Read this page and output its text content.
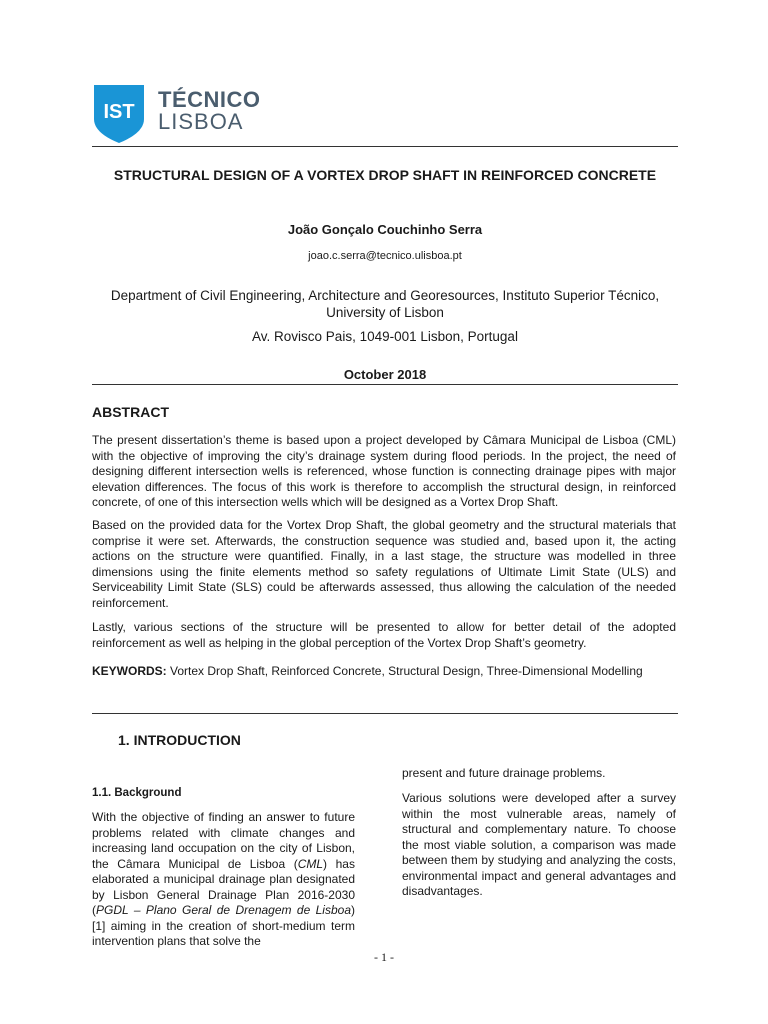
IST TÉCNICO
LISBOA
STRUCTURAL DESIGN OF A VORTEX DROP SHAFT IN REINFORCED CONCRETE
João Gonçalo Couchinho Serra
joao.c.serra@tecnico.ulisboa.pt
Department of Civil Engineering, Architecture and Georesources, Instituto Superior Técnico, University of Lisbon
Av. Rovisco Pais, 1049-001 Lisbon, Portugal
October 2018
ABSTRACT

The present dissertation’s theme is based upon a project developed by Câmara Municipal de Lisboa (CML) with the objective of improving the city’s drainage system during flood periods. In the project, the need of designing different intersection wells is referenced, whose function is connecting drainage pipes with major elevation differences. The focus of this work is therefore to accomplish the structural design, in reinforced concrete, of one of this intersection wells which will be designed as a Vortex Drop Shaft.

Based on the provided data for the Vortex Drop Shaft, the global geometry and the structural materials that comprise it were set. Afterwards, the construction sequence was studied and, based upon it, the acting actions on the structure were quantified. Finally, in a last stage, the structure was modelled in three dimensions using the finite elements method so safety regulations of Ultimate Limit State (ULS) and Serviceability Limit State (SLS) could be afterwards assessed, thus allowing the calculation of the needed reinforcement.

Lastly, various sections of the structure will be presented to allow for better detail of the adopted reinforcement as well as helping in the global perception of the Vortex Drop Shaft’s geometry.

KEYWORDS: Vortex Drop Shaft, Reinforced Concrete, Structural Design, Three-Dimensional Modelling

1. INTRODUCTION
1.1. Background

With the objective of finding an answer to future problems related with climate changes and increasing land occupation on the city of Lisbon, the Câmara Municipal de Lisboa (CML) has elaborated a municipal drainage plan designated by Lisbon General Drainage Plan 2016-2030 (PGDL – Plano Geral de Drenagem de Lisboa) [1] aiming in the creation of short-medium term intervention plans that solve the

present and future drainage problems.

Various solutions were developed after a survey within the most vulnerable areas, namely of structural and complementary nature. To choose the most viable solution, a comparison was made between them by studying and analyzing the costs, environmental impact and general advantages and disadvantages.

- 1 -
